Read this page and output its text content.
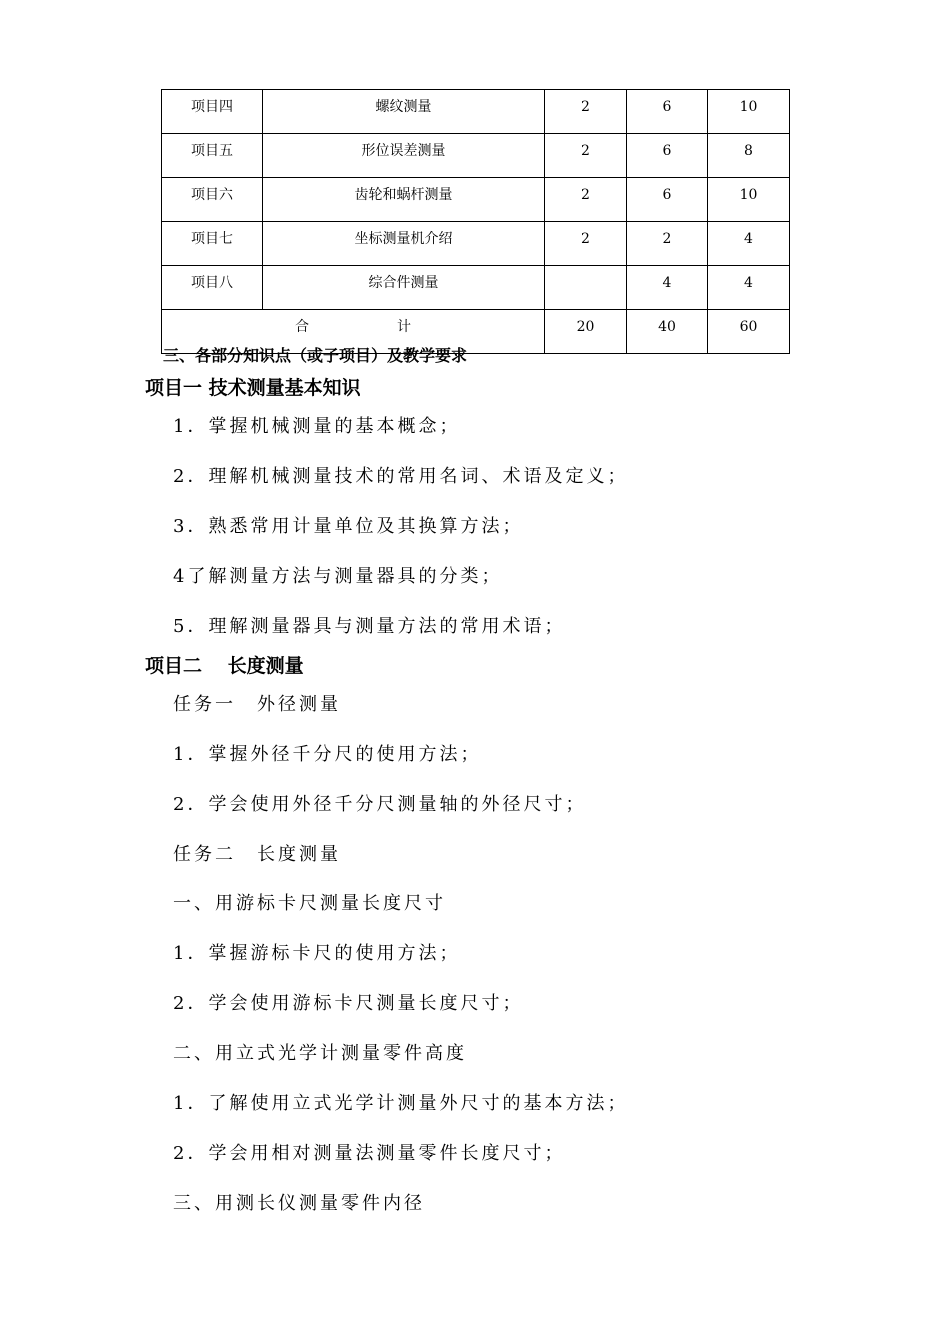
项目四	螺纹测量	2	6	10
项目五	形位误差测量	2	6	8
项目六	齿轮和蜗杆测量	2	6	10
项目七	坐标测量机介绍	2	2	4
项目八	综合件测量		4	4
合 计		20	40	60
三、各部分知识点（或子项目）及教学要求
项目一 技术测量基本知识
1．掌握机械测量的基本概念；
2．理解机械测量技术的常用名词、术语及定义；
3．熟悉常用计量单位及其换算方法；
4了解测量方法与测量器具的分类；
5．理解测量器具与测量方法的常用术语；
项目二　 长度测量
任务一　外径测量
1．掌握外径千分尺的使用方法；
2．学会使用外径千分尺测量轴的外径尺寸；
任务二　长度测量
一、用游标卡尺测量长度尺寸
1．掌握游标卡尺的使用方法；
2．学会使用游标卡尺测量长度尺寸；
二、用立式光学计测量零件高度
1．了解使用立式光学计测量外尺寸的基本方法；
2．学会用相对测量法测量零件长度尺寸；
三、用测长仪测量零件内径
